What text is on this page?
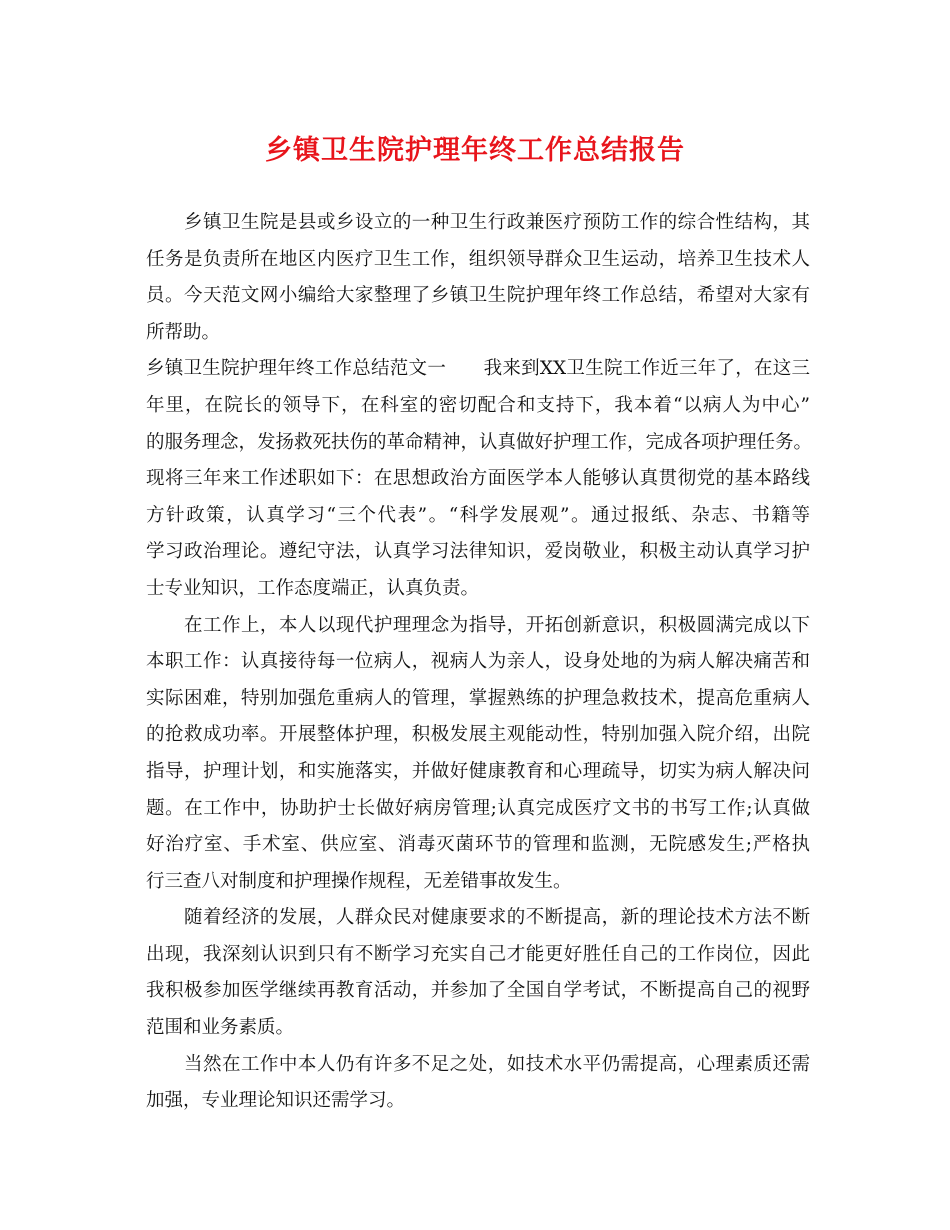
乡镇卫生院护理年终工作总结报告

乡镇卫生院是县或乡设立的一种卫生行政兼医疗预防工作的综合性结构，其

任务是负责所在地区内医疗卫生工作，组织领导群众卫生运动，培养卫生技术人

员。今天范文网小编给大家整理了乡镇卫生院护理年终工作总结，希望对大家有

所帮助。

乡镇卫生院护理年终工作总结范文一　　我来到XX卫生院工作近三年了，在这三

年里，在院长的领导下，在科室的密切配合和支持下，我本着“以病人为中心”

的服务理念，发扬救死扶伤的革命精神，认真做好护理工作，完成各项护理任务。

现将三年来工作述职如下：在思想政治方面医学本人能够认真贯彻党的基本路线

方针政策，认真学习“三个代表”。“科学发展观”。通过报纸、杂志、书籍等

学习政治理论。遵纪守法，认真学习法律知识，爱岗敬业，积极主动认真学习护

士专业知识，工作态度端正，认真负责。

在工作上，本人以现代护理理念为指导，开拓创新意识，积极圆满完成以下

本职工作：认真接待每一位病人，视病人为亲人，设身处地的为病人解决痛苦和

实际困难，特别加强危重病人的管理，掌握熟练的护理急救技术，提高危重病人

的抢救成功率。开展整体护理，积极发展主观能动性，特别加强入院介绍，出院

指导，护理计划，和实施落实，并做好健康教育和心理疏导，切实为病人解决问

题。在工作中，协助护士长做好病房管理;认真完成医疗文书的书写工作;认真做

好治疗室、手术室、供应室、消毒灭菌环节的管理和监测，无院感发生;严格执

行三查八对制度和护理操作规程，无差错事故发生。

随着经济的发展，人群众民对健康要求的不断提高，新的理论技术方法不断

出现，我深刻认识到只有不断学习充实自己才能更好胜任自己的工作岗位，因此

我积极参加医学继续再教育活动，并参加了全国自学考试，不断提高自己的视野

范围和业务素质。

当然在工作中本人仍有许多不足之处，如技术水平仍需提高，心理素质还需

加强，专业理论知识还需学习。
